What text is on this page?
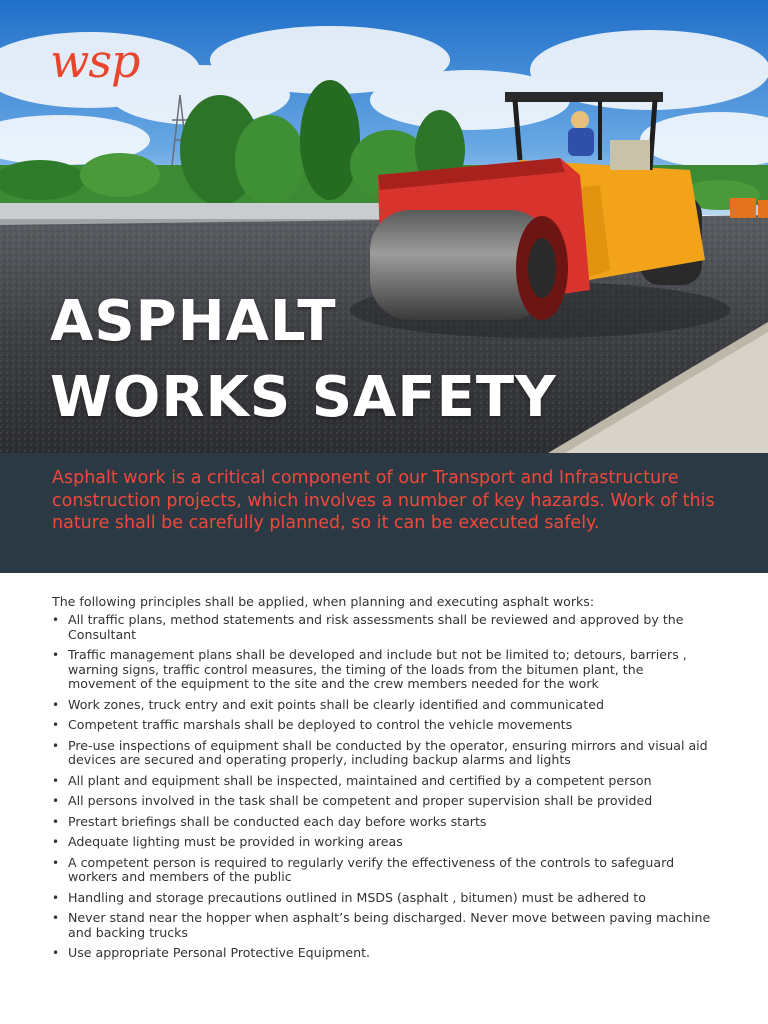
wsp
ASPHALT
WORKS SAFETY

Asphalt work is a critical component of our Transport and Infrastructure construction projects, which involves a number of key hazards. Work of this nature shall be carefully planned, so it can be executed safely.

The following principles shall be applied, when planning and executing asphalt works:

• All traffic plans, method statements and risk assessments shall be reviewed and approved by the Consultant
• Traffic management plans shall be developed and include but not be limited to; detours, barriers , warning signs, traffic control measures, the timing of the loads from the bitumen plant, the movement of the equipment to the site and the crew members needed for the work
• Work zones, truck entry and exit points shall be clearly identified and communicated
• Competent traffic marshals shall be deployed to control the vehicle movements
• Pre-use inspections of equipment shall be conducted by the operator, ensuring mirrors and visual aid devices are secured and operating properly, including backup alarms and lights
• All plant and equipment shall be inspected, maintained and certified by a competent person
• All persons involved in the task shall be competent and proper supervision shall be provided
• Prestart briefings shall be conducted each day before works starts
• Adequate lighting must be provided in working areas
• A competent person is required to regularly verify the effectiveness of the controls to safeguard workers and members of the public
• Handling and storage precautions outlined in MSDS (asphalt , bitumen) must be adhered to
• Never stand near the hopper when asphalt’s being discharged. Never move between paving machine and backing trucks
• Use appropriate Personal Protective Equipment.
